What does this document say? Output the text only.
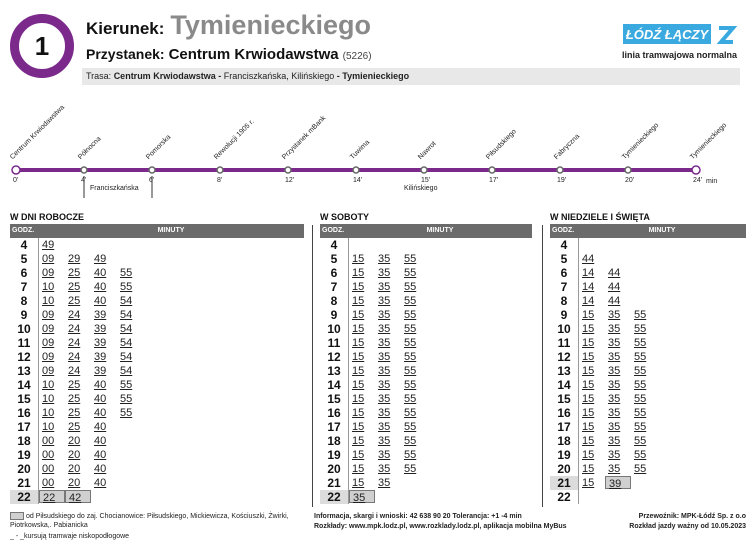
1
Kierunek: Tymienieckiego
Przystanek: Centrum Krwiodawstwa (5226)
Trasa: Centrum Krwiodawstwa - Franciszkańska, Kilińskiego - Tymienieckiego
ŁÓDŹ ŁĄCZY
linia tramwajowa normalna
Centrum Krwiodawstwa
0'
Północna
4'
Pomorska
6'
Rewolucji 1905 r.
8'
Przystanek mBank
12'
Tuwima
14'
Nawrot
15'
Piłsudskiego
17'
Fabryczna
19'
Tymienieckiego
20'
Tymienieckiego
24' min
Franciszkańska	Kilińskiego
W DNI ROBOCZE
GODZ.	MINUTY
4	49
5	09	29	49
6	09	25	40	55
7	10	25	40	55
8	10	25	40	54
9	09	24	39	54
10	09	24	39	54
11	09	24	39	54
12	09	24	39	54
13	09	24	39	54
14	10	25	40	55
15	10	25	40	55
16	10	25	40	55
17	10	25	40
18	00	20	40
19	00	20	40
20	00	20	40
21	00	20	40
22	22	42
W SOBOTY
GODZ.	MINUTY
4
5	15	35	55
6	15	35	55
7	15	35	55
8	15	35	55
9	15	35	55
10	15	35	55
11	15	35	55
12	15	35	55
13	15	35	55
14	15	35	55
15	15	35	55
16	15	35	55
17	15	35	55
18	15	35	55
19	15	35	55
20	15	35	55
21	15	35
22	35
W NIEDZIELE I ŚWIĘTA
GODZ.	MINUTY
4
5	44
6	14	44
7	14	44
8	14	44
9	15	35	55
10	15	35	55
11	15	35	55
12	15	35	55
13	15	35	55
14	15	35	55
15	15	35	55
16	15	35	55
17	15	35	55
18	15	35	55
19	15	35	55
20	15	35	55
21	15	39
22
od Piłsudskiego do zaj. Chocianowice: Piłsudskiego, Mickiewicza, Kościuszki, Żwirki, Piotrkowska,. Pabianicka
_ - _kursują tramwaje niskopodłogowe
Informacja, skargi i wnioski: 42 638 90 20 Tolerancja: +1 -4 min
Rozkłady: www.mpk.lodz.pl, www.rozklady.lodz.pl, aplikacja mobilna MyBus
Przewoźnik: MPK-Łódź Sp. z o.o
Rozkład jazdy ważny od 10.05.2023
